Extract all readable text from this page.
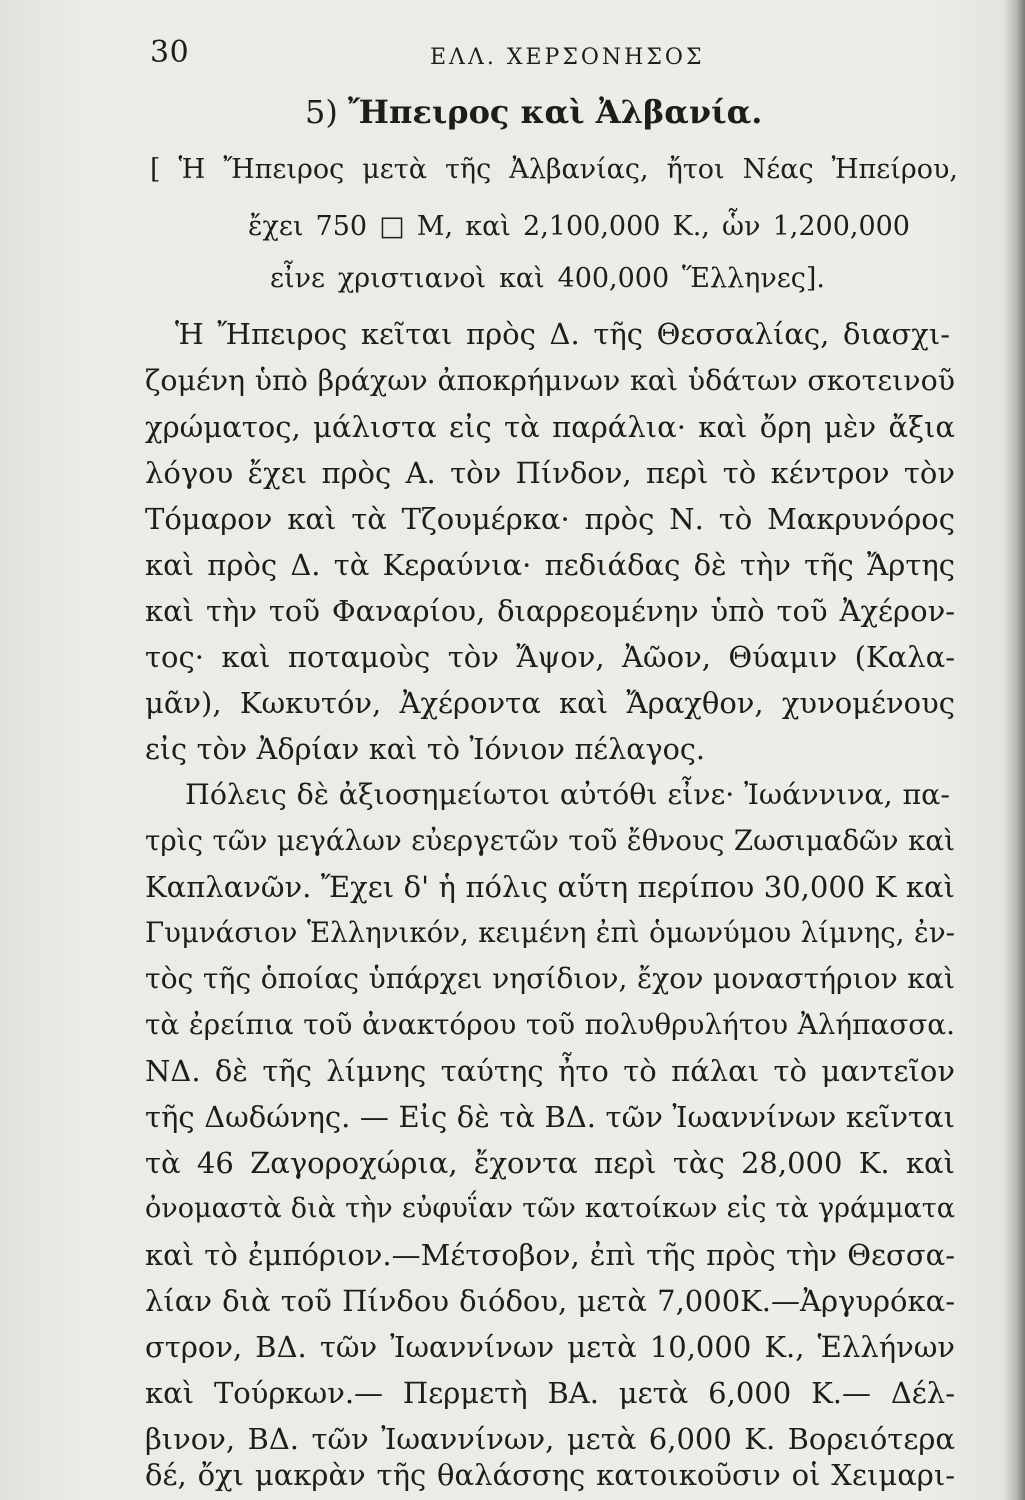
30	ΕΛΛ. ΧΕΡΣΟΝΗΣΟΣ
5) Ἤπειρος καὶ Ἀλβανία.
[ Ἡ Ἤπειρος μετὰ τῆς Ἀλβανίας, ἤτοι Νέας Ἠπείρου,
ἔχει 750 □ Μ, καὶ 2,100,000 Κ., ὧν 1,200,000
εἶνε χριστιανοὶ καὶ 400,000 Ἕλληνες].
Ἡ Ἤπειρος κεῖται πρὸς Δ. τῆς Θεσσαλίας, διασχι-
ζομένη ὑπὸ βράχων ἀποκρήμνων καὶ ὑδάτων σκοτεινοῦ
χρώματος, μάλιστα εἰς τὰ παράλια· καὶ ὄρη μὲν ἄξια
λόγου ἔχει πρὸς Α. τὸν Πίνδον, περὶ τὸ κέντρον τὸν
Τόμαρον καὶ τὰ Τζουμέρκα· πρὸς Ν. τὸ Μακρυνόρος
καὶ πρὸς Δ. τὰ Κεραύνια· πεδιάδας δὲ τὴν τῆς Ἄρτης
καὶ τὴν τοῦ Φαναρίου, διαρρεομένην ὑπὸ τοῦ Ἀχέρον-
τος· καὶ ποταμοὺς τὸν Ἄψον, Ἀῶον, Θύαμιν (Καλα-
μᾶν), Κωκυτόν, Ἀχέροντα καὶ Ἄραχθον, χυνομένους
εἰς τὸν Ἀδρίαν καὶ τὸ Ἰόνιον πέλαγος.
Πόλεις δὲ ἀξιοσημείωτοι αὐτόθι εἶνε· Ἰωάννινα, πα-
τρὶς τῶν μεγάλων εὐεργετῶν τοῦ ἔθνους Ζωσιμαδῶν καὶ
Καπλανῶν. Ἔχει δ' ἡ πόλις αὕτη περίπου 30,000 Κ καὶ
Γυμνάσιον Ἑλληνικόν, κειμένη ἐπὶ ὁμωνύμου λίμνης, ἐν-
τὸς τῆς ὁποίας ὑπάρχει νησίδιον, ἔχον μοναστήριον καὶ
τὰ ἐρείπια τοῦ ἀνακτόρου τοῦ πολυθρυλήτου Ἀλήπασσα.
ΝΔ. δὲ τῆς λίμνης ταύτης ἦτο τὸ πάλαι τὸ μαντεῖον
τῆς Δωδώνης. — Εἰς δὲ τὰ ΒΔ. τῶν Ἰωαννίνων κεῖνται
τὰ 46 Ζαγοροχώρια, ἔχοντα περὶ τὰς 28,000 Κ. καὶ
ὀνομαστὰ διὰ τὴν εὐφυΐαν τῶν κατοίκων εἰς τὰ γράμματα
καὶ τὸ ἐμπόριον.—Μέτσοβον, ἐπὶ τῆς πρὸς τὴν Θεσσα-
λίαν διὰ τοῦ Πίνδου διόδου, μετὰ 7,000Κ.—Ἀργυρόκα-
στρον, ΒΔ. τῶν Ἰωαννίνων μετὰ 10,000 Κ., Ἑλλήνων
καὶ Τούρκων.— Περμετὴ ΒΑ. μετὰ 6,000 Κ.— Δέλ-
βινον, ΒΔ. τῶν Ἰωαννίνων, μετὰ 6,000 Κ. Βορειότερα
δέ, ὄχι μακρὰν τῆς θαλάσσης κατοικοῦσιν οἱ Χειμαρι-
